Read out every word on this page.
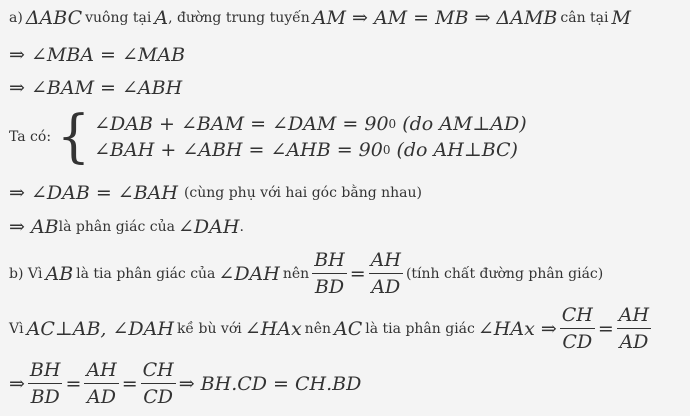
a) ΔABC vuông tại A , đường trung tuyến AM ⇒ AM = MB ⇒ ΔAMB cân tại M
⇒ ∠MBA = ∠MAB
⇒ ∠BAM = ∠ABH
Ta có: { ∠DAB + ∠BAM = ∠DAM = 90 0 (do AM⊥AD)
∠BAH + ∠ABH = ∠AHB = 90 0 (do AH⊥BC)
⇒ ∠DAB = ∠BAH (cùng phụ với hai góc bằng nhau)
⇒ AB là phân giác của ∠DAH .
b) Vì AB là tia phân giác của ∠DAH nên $\frac{BH}{BD} = \frac{AH}{AD}$ (tính chất đường phân giác)
Vì AC⊥AB, ∠DAH kề bù với ∠HAx nên AC là tia phân giác ∠HAx ⇒ $\frac{CH}{CD} = \frac{AH}{AD}$
⇒ $\frac{BH}{BD} = \frac{AH}{AD} = \frac{CH}{CD}$ ⇒ BH.CD = CH.BD
